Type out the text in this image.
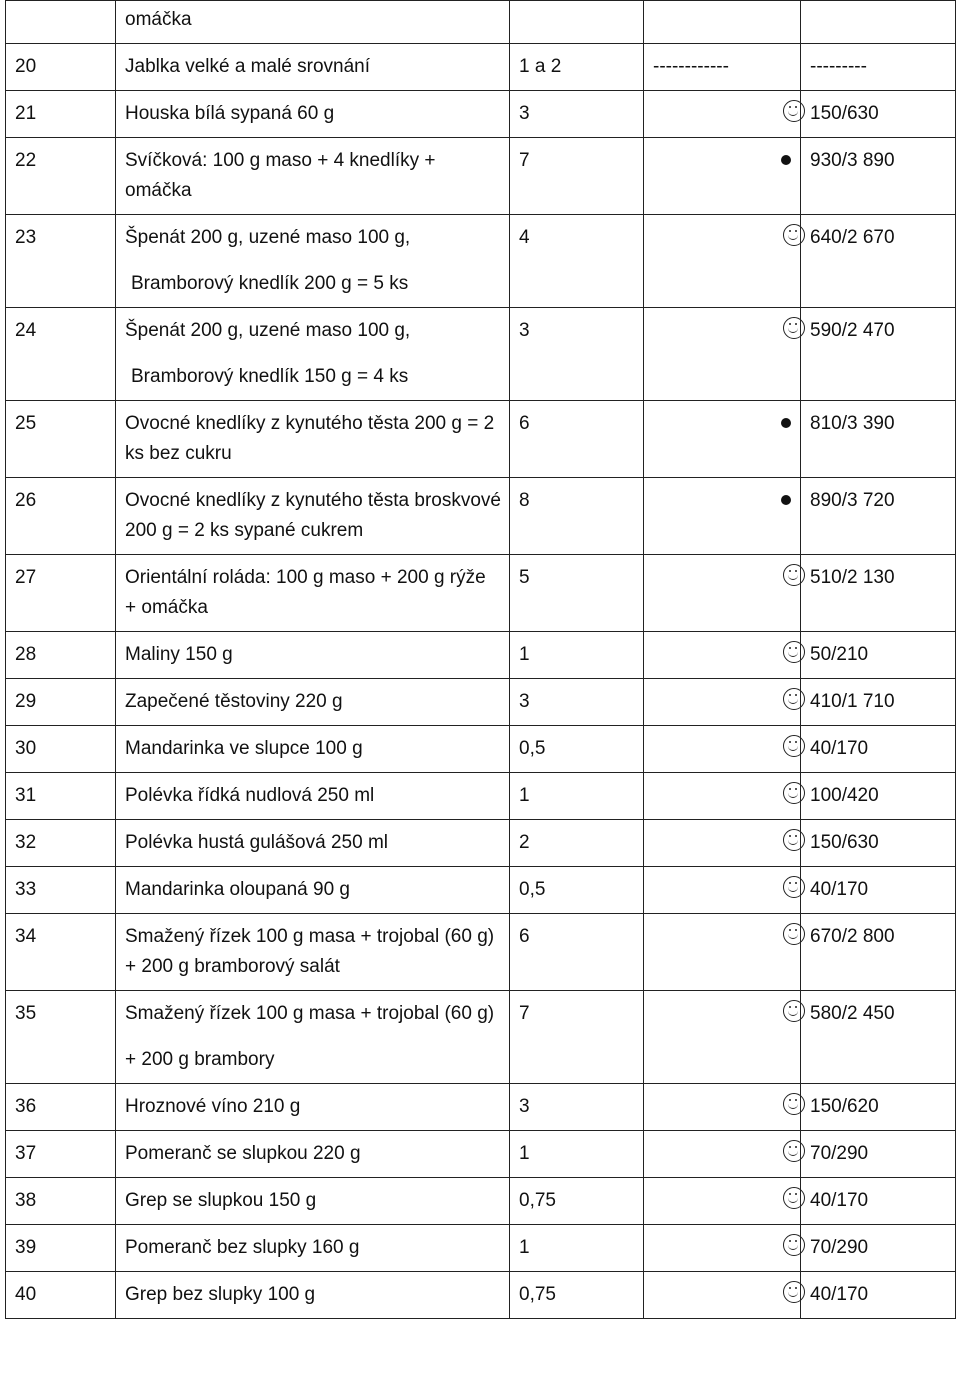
	omáčka			
20	Jablka velké a malé srovnání	1 a 2	------------	---------
21	Houska bílá sypaná 60 g	3		150/630
22	Svíčková: 100 g maso + 4 knedlíky + omáčka	7		930/3 890
23	Špenát 200 g, uzené maso 100 g,
Bramborový knedlík 200 g = 5 ks	4		640/2 670
24	Špenát 200 g, uzené maso 100 g,
Bramborový knedlík 150 g = 4 ks	3		590/2 470
25	Ovocné knedlíky z kynutého těsta 200 g = 2 ks bez cukru	6		810/3 390
26	Ovocné knedlíky z kynutého těsta broskvové 200 g = 2 ks sypané cukrem	8		890/3 720
27	Orientální roláda: 100 g maso + 200 g rýže + omáčka	5		510/2 130
28	Maliny 150 g	1		50/210
29	Zapečené těstoviny 220 g	3		410/1 710
30	Mandarinka ve slupce 100 g	0,5		40/170
31	Polévka řídká nudlová 250 ml	1		100/420
32	Polévka hustá gulášová 250 ml	2		150/630
33	Mandarinka oloupaná 90 g	0,5		40/170
34	Smažený řízek 100 g masa + trojobal (60 g) + 200 g bramborový salát	6		670/2 800
35	Smažený řízek 100 g masa + trojobal (60 g)
+ 200 g brambory	7		580/2 450
36	Hroznové víno 210 g	3		150/620
37	Pomeranč se slupkou 220 g	1		70/290
38	Grep se slupkou 150 g	0,75		40/170
39	Pomeranč bez slupky 160 g	1		70/290
40	Grep bez slupky 100 g	0,75		40/170
